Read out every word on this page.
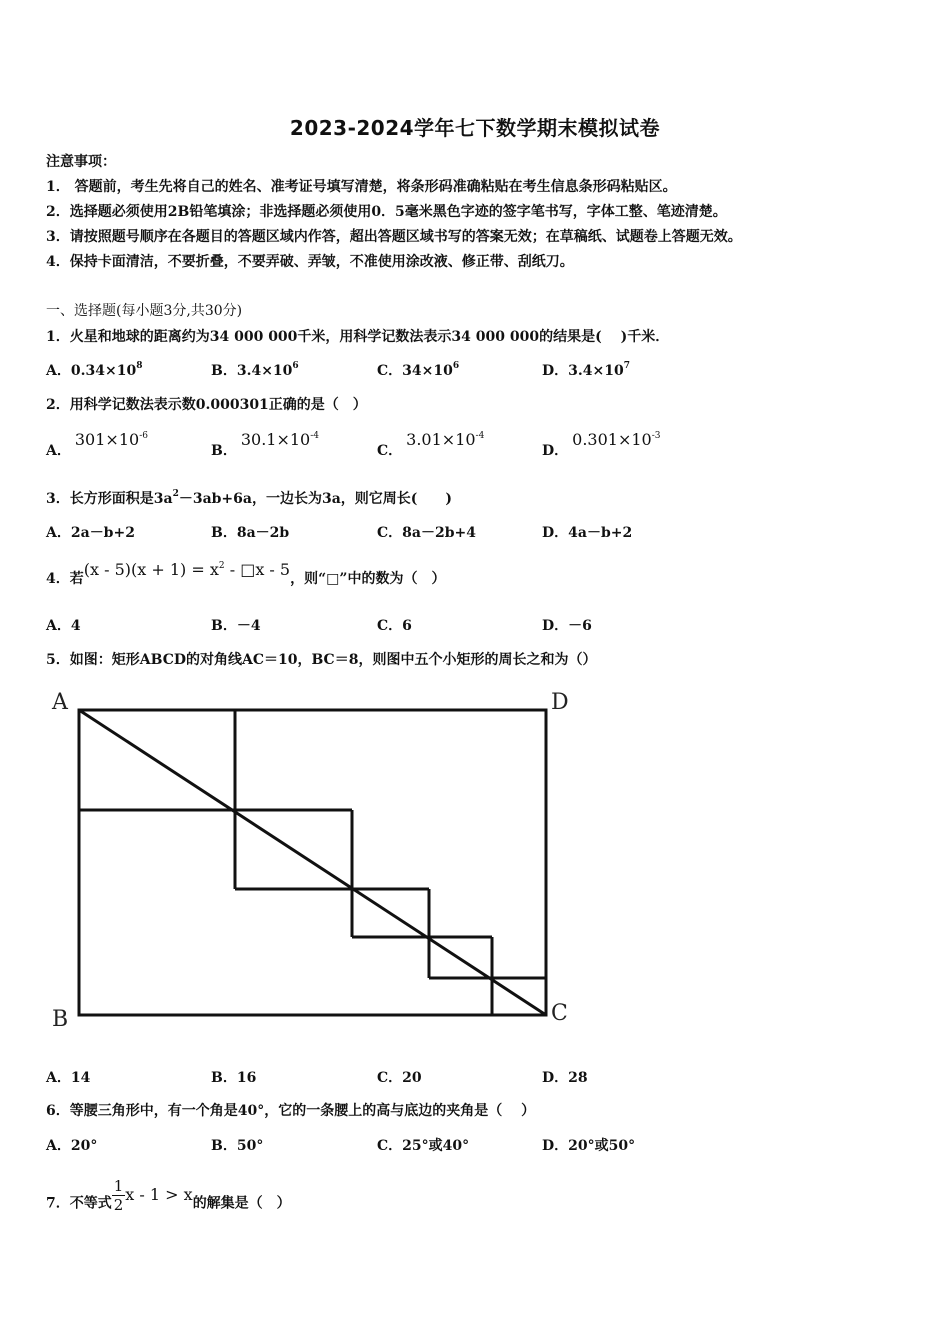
2023-2024学年七下数学期末模拟试卷
注意事项：
1． 答题前，考生先将自己的姓名、准考证号填写清楚，将条形码准确粘贴在考生信息条形码粘贴区。
2．选择题必须使用2B铅笔填涂；非选择题必须使用0．5毫米黑色字迹的签字笔书写，字体工整、笔迹清楚。
3．请按照题号顺序在各题目的答题区域内作答，超出答题区域书写的答案无效；在草稿纸、试题卷上答题无效。
4．保持卡面清洁，不要折叠，不要弄破、弄皱，不准使用涂改液、修正带、刮纸刀。
一、选择题(每小题3分,共30分)
1．火星和地球的距离约为34 000 000千米，用科学记数法表示34 000 000的结果是(　 )千米．
A．$0.34\times 10^8$	B．$3.4\times 10^6$	C．$34\times 10^6$	D．$3.4\times 10^7$
2．用科学记数法表示数0.000301正确的是（　）
A．$301\times 10^{-6}$
B．$30.1\times 10^{-4}$
C．$3.01\times 10^{-4}$
D．$0.301\times 10^{-3}$
3．长方形面积是$3a^2-3ab+6a$，一边长为3a，则它周长(　　)
A．2a－b+2	B．8a－2b	C．8a－2b+4	D．4a－b+2
4．若$(x - 5)(x + 1) = x^2$ - □x - 5，则“□”中的数为（　）
A．4	B．－4	C．6	D．－6
5．如图：矩形ABCD的对角线AC＝10，BC＝8，则图中五个小矩形的周长之和为（）
A	D
B	C
A．14	B．16	C．20	D．28
6．等腰三角形中，有一个角是40°，它的一条腰上的高与底边的夹角是（　 ）
A．20°	B．50°	C．25°或40°	D．20°或50°
7．不等式 $\frac{1}{2}$ x - 1 > x的解集是（　）
